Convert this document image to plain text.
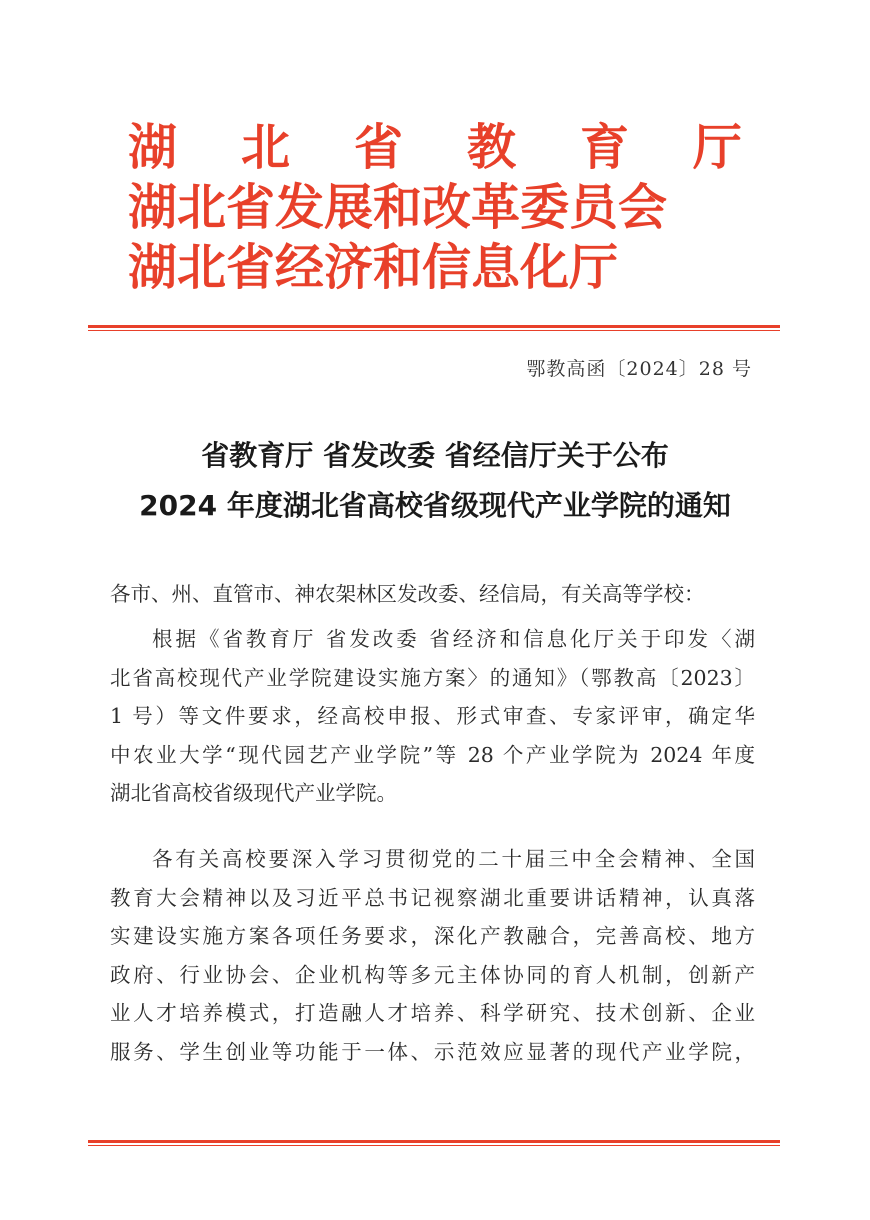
湖 北 省 教 育 厅
湖北省发展和改革委员会
湖北省经济和信息化厅
鄂教高函〔2024〕28 号
省教育厅 省发改委 省经信厅关于公布
2024 年度湖北省高校省级现代产业学院的通知
各市、州、直管市、神农架林区发改委、经信局，有关高等学校：
根据《省教育厅 省发改委 省经济和信息化厅关于印发〈湖
北省高校现代产业学院建设实施方案〉的通知》（鄂教高〔2023〕
1 号）等文件要求，经高校申报、形式审查、专家评审，确定华
中农业大学“现代园艺产业学院”等 28 个产业学院为 2024 年度
湖北省高校省级现代产业学院。
各有关高校要深入学习贯彻党的二十届三中全会精神、全国
教育大会精神以及习近平总书记视察湖北重要讲话精神，认真落
实建设实施方案各项任务要求，深化产教融合，完善高校、地方
政府、行业协会、企业机构等多元主体协同的育人机制，创新产
业人才培养模式，打造融人才培养、科学研究、技术创新、企业
服务、学生创业等功能于一体、示范效应显著的现代产业学院，
